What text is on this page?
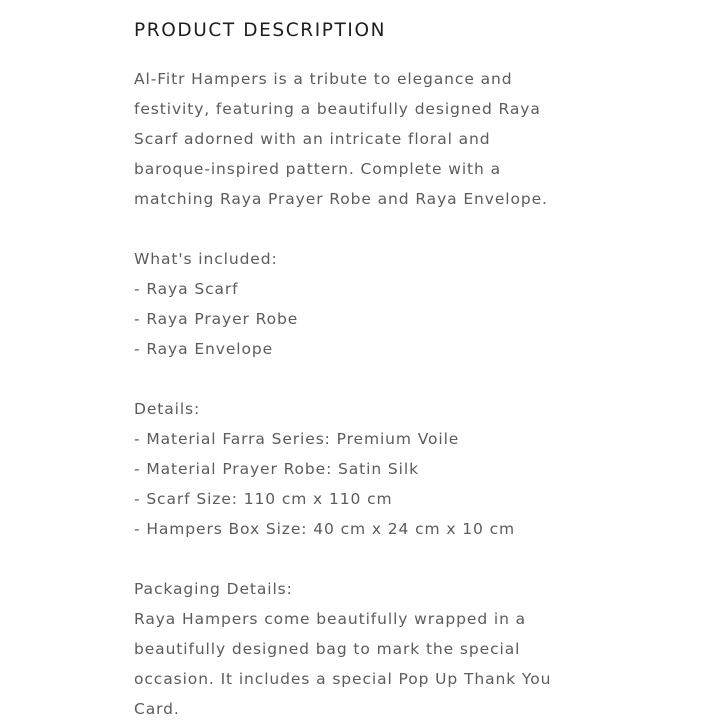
PRODUCT DESCRIPTION
Al-Fitr Hampers is a tribute to elegance and
festivity, featuring a beautifully designed Raya
Scarf adorned with an intricate floral and
baroque-inspired pattern. Complete with a
matching Raya Prayer Robe and Raya Envelope.
What's included:
- Raya Scarf
- Raya Prayer Robe
- Raya Envelope
Details:
- Material Farra Series: Premium Voile
- Material Prayer Robe: Satin Silk
- Scarf Size: 110 cm x 110 cm
- Hampers Box Size: 40 cm x 24 cm x 10 cm
Packaging Details:
Raya Hampers come beautifully wrapped in a
beautifully designed bag to mark the special
occasion. It includes a special Pop Up Thank You
Card.
